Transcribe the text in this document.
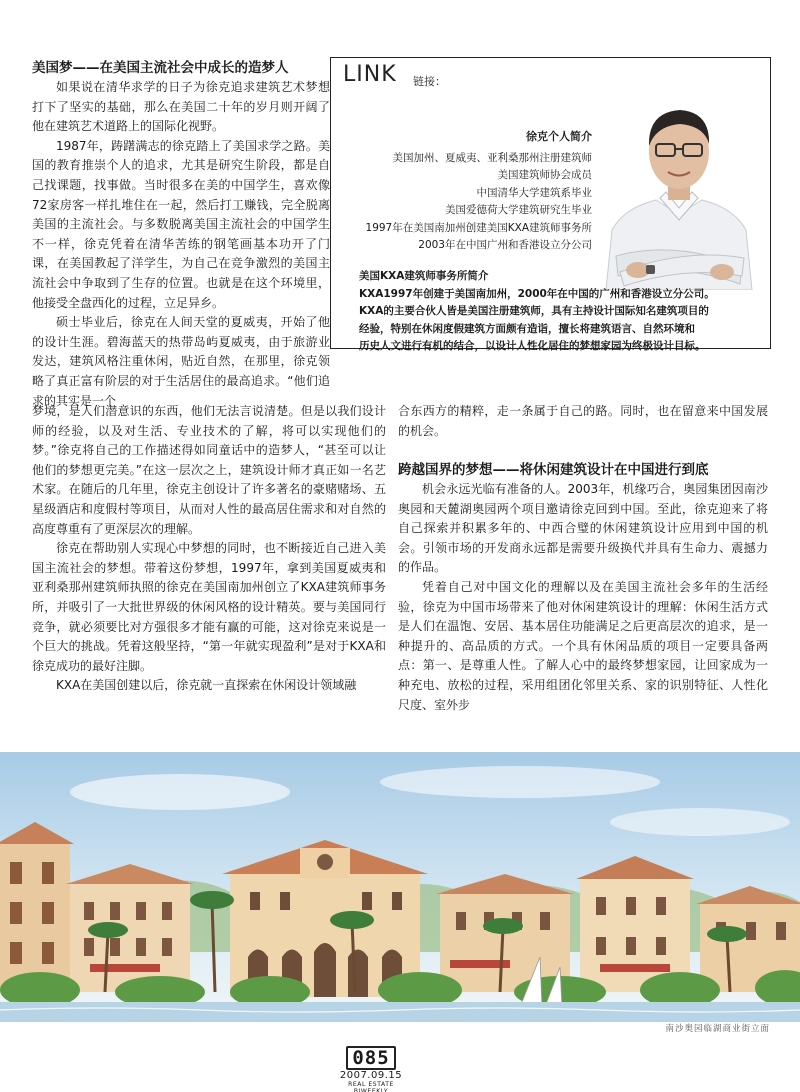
美国梦——在美国主流社会中成长的造梦人

如果说在清华求学的日子为徐克追求建筑艺术梦想打下了坚实的基础，那么在美国二十年的岁月则开阔了他在建筑艺术道路上的国际化视野。

1987年，踌躇满志的徐克踏上了美国求学之路。美国的教育推崇个人的追求，尤其是研究生阶段，都是自己找课题，找事做。当时很多在美的中国学生，喜欢像72家房客一样扎堆住在一起，然后打工赚钱，完全脱离美国的主流社会。与多数脱离美国主流社会的中国学生不一样，徐克凭着在清华苦练的钢笔画基本功开了门课，在美国教起了洋学生，为自己在竞争激烈的美国主流社会中争取到了生存的位置。也就是在这个环境里，他接受全盘西化的过程，立足异乡。

硕士毕业后，徐克在人间天堂的夏威夷，开始了他的设计生涯。碧海蓝天的热带岛屿夏威夷，由于旅游业发达，建筑风格注重休闲，贴近自然，在那里，徐克领略了真正富有阶层的对于生活居住的最高追求。“他们追求的其实是一个

LINK 链接：
徐克个人简介
美国加州、夏威夷、亚利桑那州注册建筑师
美国建筑师协会成员
中国清华大学建筑系毕业
美国爱德荷大学建筑研究生毕业
1997年在美国南加州创建美国KXA建筑师事务所
2003年在中国广州和香港设立分公司
美国KXA建筑师事务所简介
KXA1997年创建于美国南加州，2000年在中国的广州和香港设立分公司。
KXA的主要合伙人皆是美国注册建筑师，具有主持设计国际知名建筑项目的
经验，特别在休闲度假建筑方面颇有造诣，擅长将建筑语言、自然环境和
历史人文进行有机的结合，以设计人性化居住的梦想家园为终极设计目标。

梦境，是人们潜意识的东西，他们无法言说清楚。但是以我们设计师的经验，以及对生活、专业技术的了解，将可以实现他们的梦。”徐克将自己的工作描述得如同童话中的造梦人，“甚至可以让他们的梦想更完美。”在这一层次之上，建筑设计师才真正如一名艺术家。在随后的几年里，徐克主创设计了许多著名的豪赌赌场、五星级酒店和度假村等项目，从而对人性的最高居住需求和对自然的高度尊重有了更深层次的理解。

徐克在帮助别人实现心中梦想的同时，也不断接近自己进入美国主流社会的梦想。带着这份梦想，1997年，拿到美国夏威夷和亚利桑那州建筑师执照的徐克在美国南加州创立了KXA建筑师事务所，并吸引了一大批世界级的休闲风格的设计精英。要与美国同行竞争，就必须要比对方强很多才能有赢的可能，这对徐克来说是一个巨大的挑战。凭着这般坚持，“第一年就实现盈利”是对于KXA和徐克成功的最好注脚。

KXA在美国创建以后，徐克就一直探索在休闲设计领域融

合东西方的精粹，走一条属于自己的路。同时，也在留意来中国发展的机会。

跨越国界的梦想——将休闲建筑设计在中国进行到底

机会永远光临有准备的人。2003年，机缘巧合，奥园集团因南沙奥园和天麓湖奥园两个项目邀请徐克回到中国。至此，徐克迎来了将自己探索并积累多年的、中西合璧的休闲建筑设计应用到中国的机会。引领市场的开发商永远都是需要升级换代并具有生命力、震撼力的作品。

凭着自己对中国文化的理解以及在美国主流社会多年的生活经验，徐克为中国市场带来了他对休闲建筑设计的理解：休闲生活方式是人们在温饱、安居、基本居住功能满足之后更高层次的追求，是一种提升的、高品质的方式。一个具有休闲品质的项目一定要具备两点：第一、是尊重人性。了解人心中的最终梦想家园，让回家成为一种充电、放松的过程，采用组团化邻里关系、家的识别特征、人性化尺度、室外步

南沙奥园临湖商业街立面
085
2007.09.15
REAL ESTATE BIWEEKLY
